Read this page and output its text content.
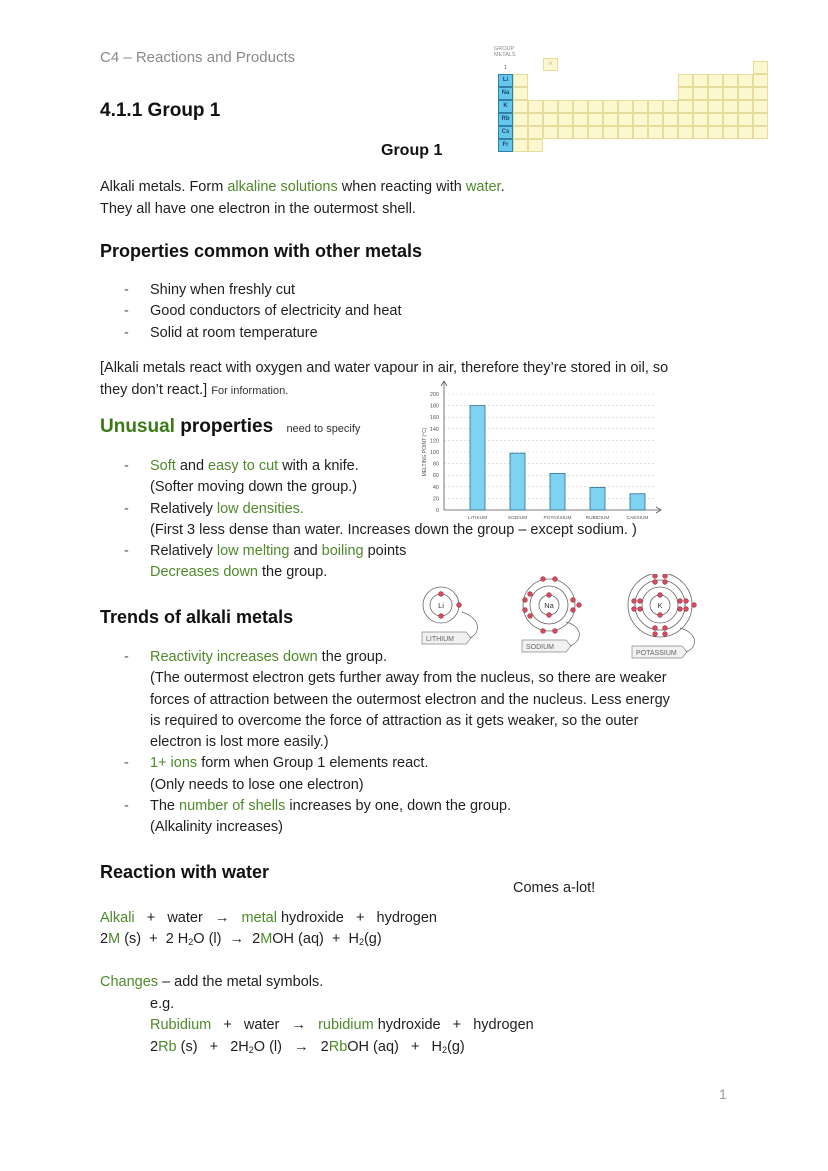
C4 – Reactions and Products
4.1.1 Group 1
Group 1
GROUP
METALS
1
H
Li
Na
K
Rb
Cs
Fr
Alkali metals. Form alkaline solutions when reacting with water.
They all have one electron in the outermost shell.
Properties common with other metals
- Shiny when freshly cut
- Good conductors of electricity and heat
- Solid at room temperature
[Alkali metals react with oxygen and water vapour in air, therefore they’re stored in oil, so
they don’t react.] For information.
Unusual properties need to specify
- Soft and easy to cut with a knife.
(Softer moving down the group.)
- Relatively low densities.
(First 3 less dense than water. Increases down the group – except sodium. )
- Relatively low melting and boiling points
Decreases down the group.
0
20
40
60
80
100
120
140
160
180
200
MELTING POINT (°C)
LITHIUM	SODIUM	POTASSIUM	RUBIDIUM	CAESIUM
Trends of alkali metals
- Reactivity increases down the group.
(The outermost electron gets further away from the nucleus, so there are weaker
forces of attraction between the outermost electron and the nucleus. Less energy
is required to overcome the force of attraction as it gets weaker, so the outer
electron is lost more easily.)
- 1+ ions form when Group 1 elements react.
(Only needs to lose one electron)
- The number of shells increases by one, down the group.
(Alkalinity increases)
Li
LITHIUM
Na
SODIUM
K
POTASSIUM
Reaction with water
Comes a-lot!
Alkali + water → metal hydroxide + hydrogen
2M (s) + 2 $H_2O$ (l) → 2MOH $(aq) + H_2(g)$
Changes – add the metal symbols.
e.g.
Rubidium + water → rubidium hydroxide + hydrogen
2Rb $(s) + 2H_2O$ (l) → 2RbOH $(aq) + H_2(g)$
1
